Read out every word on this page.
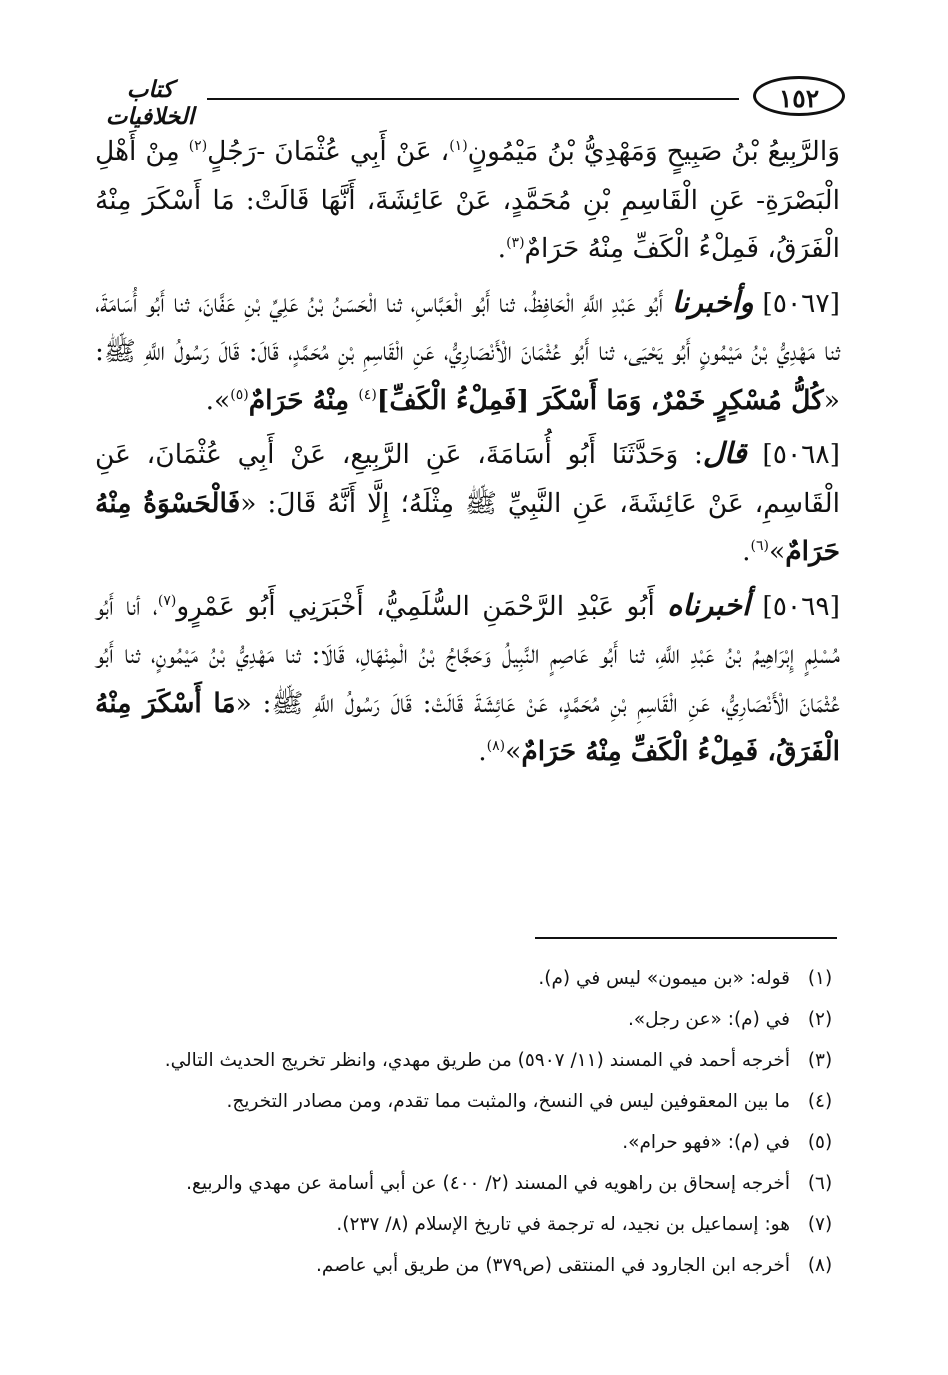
١٥٢
كتاب الخلافيات

وَالرَّبِيعُ بْنُ صَبِيحٍ وَمَهْدِيُّ بْنُ مَيْمُونٍ$^{(١)}$، عَنْ أَبِي عُثْمَانَ -رَجُلٍ$^{(٢)}$ مِنْ أَهْلِ الْبَصْرَةِ- عَنِ الْقَاسِمِ بْنِ مُحَمَّدٍ، عَنْ عَائِشَةَ، أَنَّهَا قَالَتْ: مَا أَسْكَرَ مِنْهُ الْفَرَقُ، فَمِلْءُ الْكَفِّ مِنْهُ حَرَامٌ$^{(٣)}$.

[٥٠٦٧] وأخبرنا أَبُو عَبْدِ اللَّهِ الْحَافِظُ، ثنا أَبُو الْعَبَّاسِ، ثنا الْحَسَنُ بْنُ عَلِيِّ بْنِ عَفَّانَ، ثنا أَبُو أُسَامَةَ، ثنا مَهْدِيُّ بْنُ مَيْمُونٍ أَبُو يَحْيَى، ثنا أَبُو عُثْمَانَ الْأَنْصَارِيُّ، عَنِ الْقَاسِمِ بْنِ مُحَمَّدٍ، قَالَ: قَالَ رَسُولُ اللَّهِ ﷺ: «كُلُّ مُسْكِرٍ خَمْرٌ، وَمَا أَسْكَرَ [فَمِلْءُ الْكَفِّ]$^{(٤)}$ مِنْهُ حَرَامٌ$^{(٥)}$».

[٥٠٦٨] قال: وَحَدَّثَنَا أَبُو أُسَامَةَ، عَنِ الرَّبِيعِ، عَنْ أَبِي عُثْمَانَ، عَنِ الْقَاسِمِ، عَنْ عَائِشَةَ، عَنِ النَّبِيِّ ﷺ مِثْلَهُ؛ إِلَّا أَنَّهُ قَالَ: «فَالْحَسْوَةُ مِنْهُ حَرَامٌ»$^{(٦)}$.

[٥٠٦٩] أخبرناه أَبُو عَبْدِ الرَّحْمَنِ السُّلَمِيُّ، أَخْبَرَنِي أَبُو عَمْرٍو$^{(٧)}$، أنا أَبُو مُسْلِمٍ إِبْرَاهِيمُ بْنُ عَبْدِ اللَّهِ، ثنا أَبُو عَاصِمٍ النَّبِيلُ وَحَجَّاجُ بْنُ الْمِنْهَالِ، قَالَا: ثنا مَهْدِيُّ بْنُ مَيْمُونٍ، ثنا أَبُو عُثْمَانَ الْأَنْصَارِيُّ، عَنِ الْقَاسِمِ بْنِ مُحَمَّدٍ، عَنْ عَائِشَةَ قَالَتْ: قَالَ رَسُولُ اللَّهِ ﷺ: «مَا أَسْكَرَ مِنْهُ الْفَرَقُ، فَمِلْءُ الْكَفِّ مِنْهُ حَرَامٌ»$^{(٨)}$.

(١)
قوله: «بن ميمون» ليس في (م).
(٢)
في (م): «عن رجل».
(٣)
أخرجه أحمد في المسند (١١/ ٥٩٠٧) من طريق مهدي، وانظر تخريج الحديث التالي.
(٤)
ما بين المعقوفين ليس في النسخ، والمثبت مما تقدم، ومن مصادر التخريج.
(٥)
في (م): «فهو حرام».
(٦)
أخرجه إسحاق بن راهويه في المسند (٢/ ٤٠٠) عن أبي أسامة عن مهدي والربيع.
(٧)
هو: إسماعيل بن نجيد، له ترجمة في تاريخ الإسلام (٨/ ٢٣٧).
(٨)
أخرجه ابن الجارود في المنتقى (ص٣٧٩) من طريق أبي عاصم.
